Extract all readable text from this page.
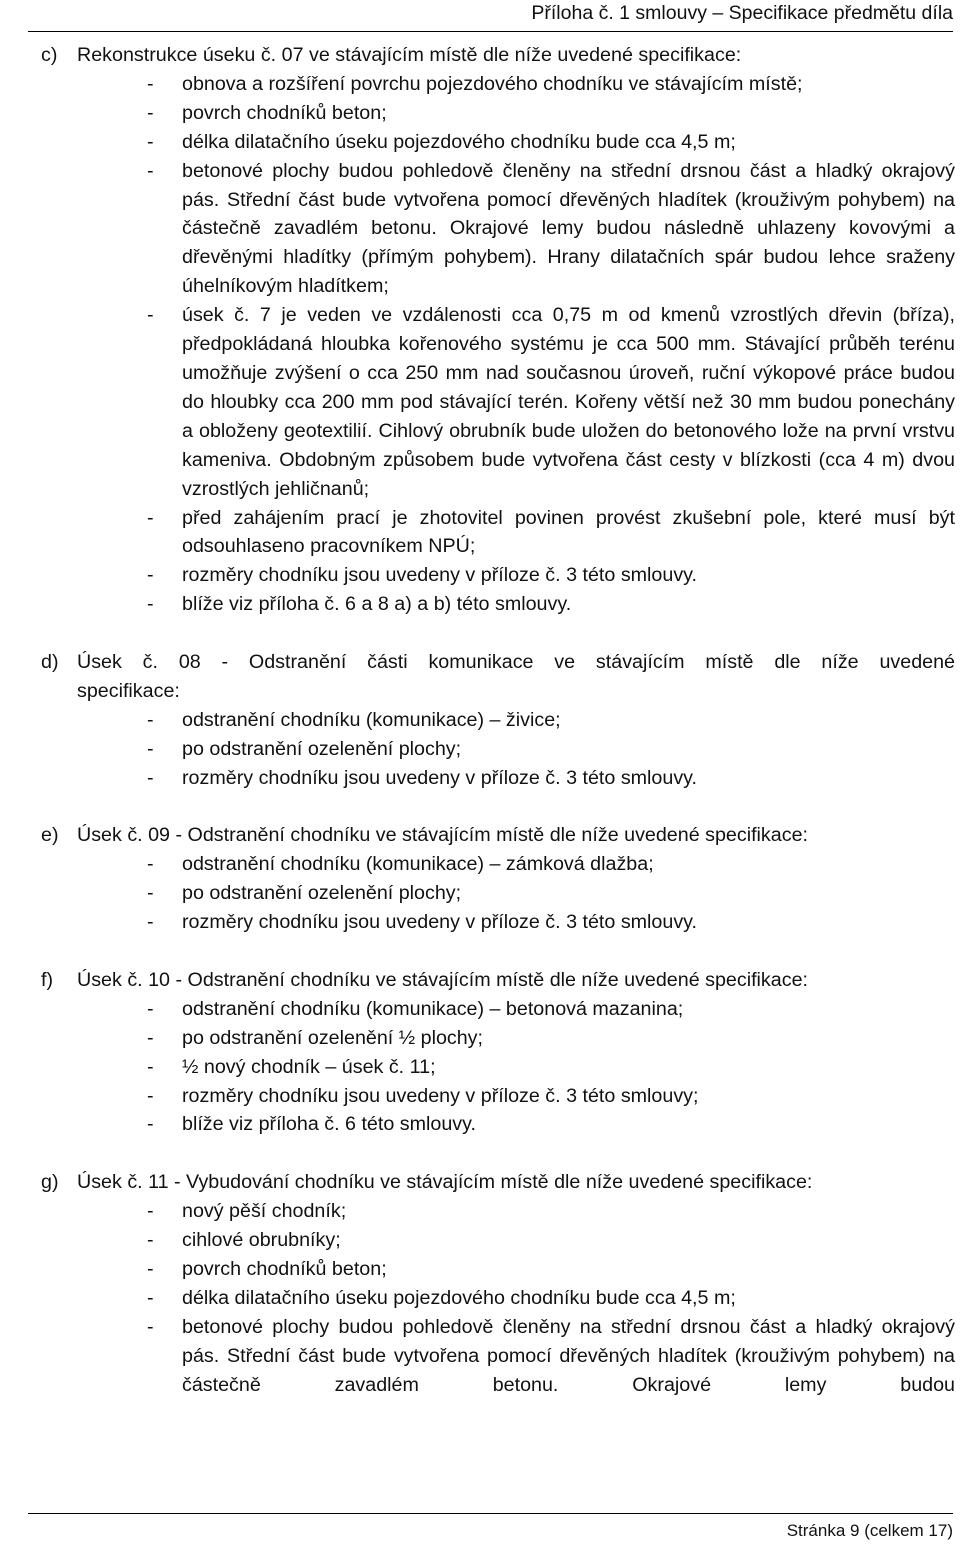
Příloha č. 1 smlouvy – Specifikace předmětu díla
c) Rekonstrukce úseku č. 07 ve stávajícím místě dle níže uvedené specifikace:
-	obnova a rozšíření povrchu pojezdového chodníku ve stávajícím místě;
-	povrch chodníků beton;
-	délka dilatačního úseku pojezdového chodníku bude cca 4,5 m;
-	betonové plochy budou pohledově členěny na střední drsnou část a hladký okrajový pás. Střední část bude vytvořena pomocí dřevěných hladítek (krouživým pohybem) na částečně zavadlém betonu. Okrajové lemy budou následně uhlazeny kovovými a dřevěnými hladítky (přímým pohybem). Hrany dilatačních spár budou lehce sraženy úhelníkovým hladítkem;
-	úsek č. 7 je veden ve vzdálenosti cca 0,75 m od kmenů vzrostlých dřevin (bříza), předpokládaná hloubka kořenového systému je cca 500 mm. Stávající průběh terénu umožňuje zvýšení o cca 250 mm nad současnou úroveň, ruční výkopové práce budou do hloubky cca 200 mm pod stávající terén. Kořeny větší než 30 mm budou ponechány a obloženy geotextilií. Cihlový obrubník bude uložen do betonového lože na první vrstvu kameniva. Obdobným způsobem bude vytvořena část cesty v blízkosti (cca 4 m) dvou vzrostlých jehličnanů;
-	před zahájením prací je zhotovitel povinen provést zkušební pole, které musí být odsouhlaseno pracovníkem NPÚ;
-	rozměry chodníku jsou uvedeny v příloze č. 3 této smlouvy.
-	blíže viz příloha č. 6 a 8 a) a b) této smlouvy.
d) Úsek č. 08 - Odstranění části komunikace ve stávajícím místě dle níže uvedené
specifikace:
-	odstranění chodníku (komunikace) – živice;
-	po odstranění ozelenění plochy;
-	rozměry chodníku jsou uvedeny v příloze č. 3 této smlouvy.
e) Úsek č. 09 - Odstranění chodníku ve stávajícím místě dle níže uvedené specifikace:
-	odstranění chodníku (komunikace) – zámková dlažba;
-	po odstranění ozelenění plochy;
-	rozměry chodníku jsou uvedeny v příloze č. 3 této smlouvy.
f)	Úsek č. 10 - Odstranění chodníku ve stávajícím místě dle níže uvedené specifikace:
-	odstranění chodníku (komunikace) – betonová mazanina;
-	po odstranění ozelenění ½ plochy;
-	½ nový chodník – úsek č. 11;
-	rozměry chodníku jsou uvedeny v příloze č. 3 této smlouvy;
-	blíže viz příloha č. 6 této smlouvy.
g) Úsek č. 11 - Vybudování chodníku ve stávajícím místě dle níže uvedené specifikace:
-	nový pěší chodník;
-	cihlové obrubníky;
-	povrch chodníků beton;
-	délka dilatačního úseku pojezdového chodníku bude cca 4,5 m;
-	betonové plochy budou pohledově členěny na střední drsnou část a hladký okrajový pás. Střední část bude vytvořena pomocí dřevěných hladítek (krouživým pohybem) na částečně zavadlém betonu. Okrajové lemy budou
Stránka 9 (celkem 17)
